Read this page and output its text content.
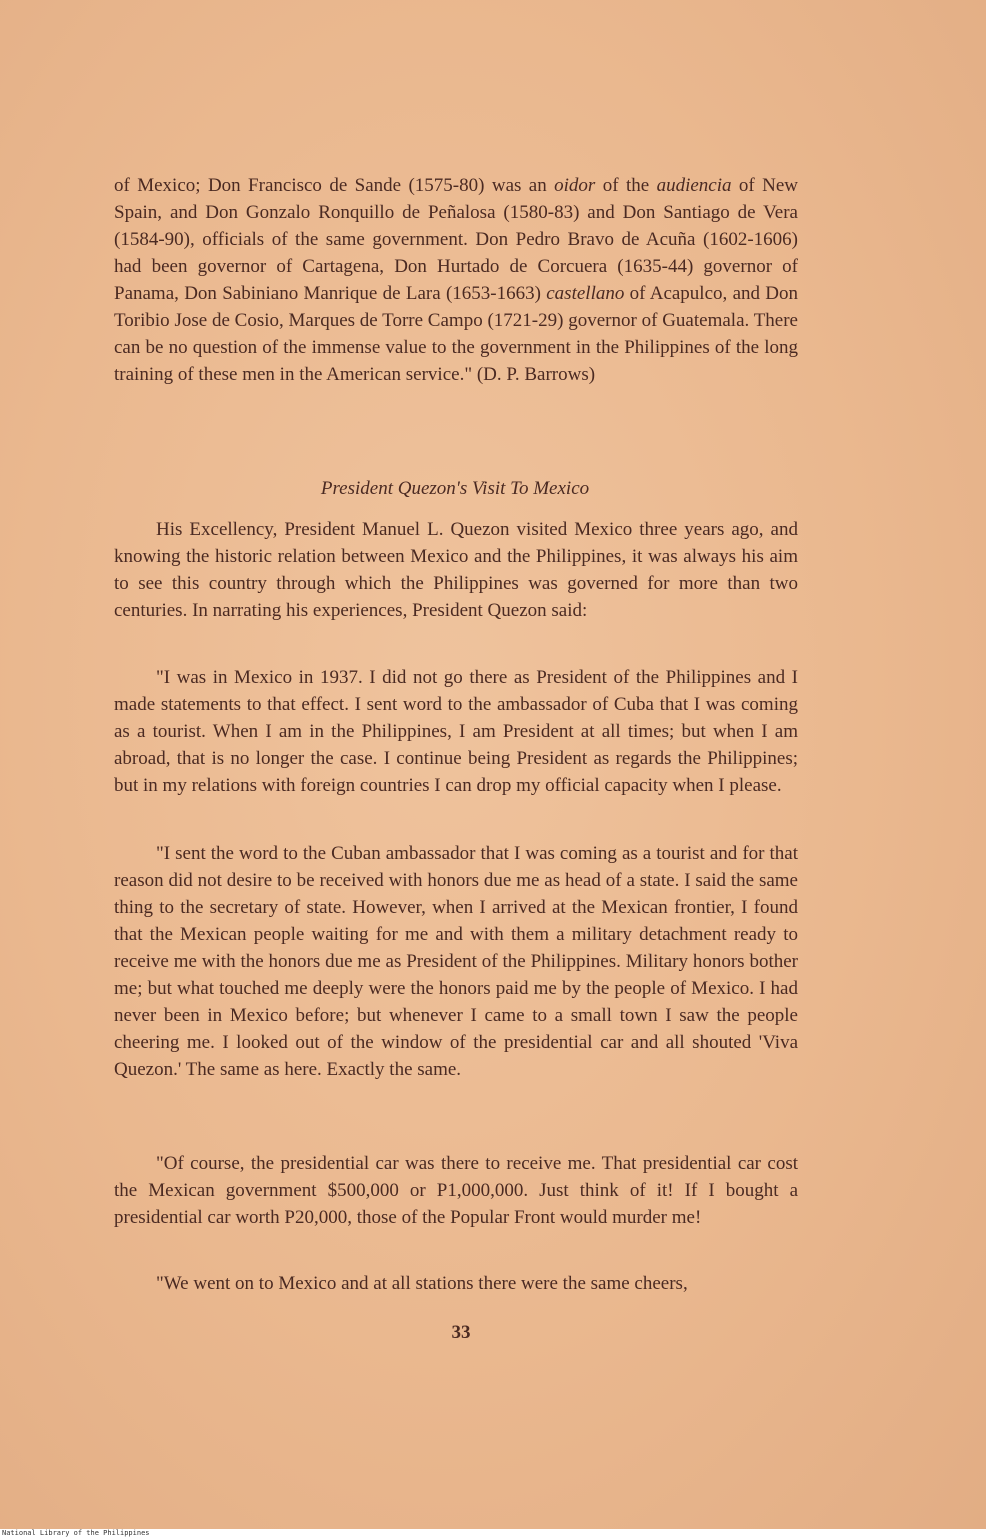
of Mexico; Don Francisco de Sande (1575-80) was an oidor of the audiencia of New Spain, and Don Gonzalo Ronquillo de Peñalosa (1580-83) and Don Santiago de Vera (1584-90), officials of the same government. Don Pedro Bravo de Acuña (1602-1606) had been governor of Cartagena, Don Hurtado de Corcuera (1635-44) governor of Panama, Don Sabiniano Manrique de Lara (1653-1663) castellano of Acapulco, and Don Toribio Jose de Cosio, Marques de Torre Campo (1721-29) governor of Guatemala. There can be no question of the immense value to the government in the Philippines of the long training of these men in the American service." (D. P. Barrows)

President Quezon's Visit To Mexico

His Excellency, President Manuel L. Quezon visited Mexico three years ago, and knowing the historic relation between Mexico and the Philippines, it was always his aim to see this country through which the Philippines was governed for more than two centuries. In narrating his experiences, President Quezon said:

"I was in Mexico in 1937. I did not go there as President of the Philippines and I made statements to that effect. I sent word to the ambassador of Cuba that I was coming as a tourist. When I am in the Philippines, I am President at all times; but when I am abroad, that is no longer the case. I continue being President as regards the Philippines; but in my relations with foreign countries I can drop my official capacity when I please.

"I sent the word to the Cuban ambassador that I was coming as a tourist and for that reason did not desire to be received with honors due me as head of a state. I said the same thing to the secretary of state. However, when I arrived at the Mexican frontier, I found that the Mexican people waiting for me and with them a military detachment ready to receive me with the honors due me as President of the Philippines. Military honors bother me; but what touched me deeply were the honors paid me by the people of Mexico. I had never been in Mexico before; but whenever I came to a small town I saw the people cheering me. I looked out of the window of the presidential car and all shouted 'Viva Quezon.' The same as here. Exactly the same.

"Of course, the presidential car was there to receive me. That presidential car cost the Mexican government $500,000 or P1,000,000. Just think of it! If I bought a presidential car worth P20,000, those of the Popular Front would murder me!

"We went on to Mexico and at all stations there were the same cheers,

33
National Library of the Philippines
